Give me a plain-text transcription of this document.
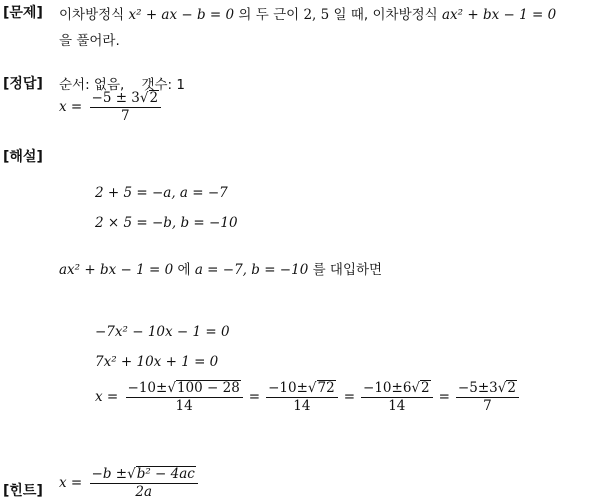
[문제] 이차방정식 x² + ax − b = 0 의 두 근이 2, 5 일 때, 이차방정식 ax² + bx − 1 = 0
을 풀어라.
[정답] 순서: 없음, 갯수: 1
$x = \frac{-5 \pm 3√2}{7}$
[해설]
2 + 5 = −a, a = −7
2 × 5 = −b, b = −10
ax² + bx − 1 = 0 에 a = −7, b = −10 를 대입하면
−7x² − 10x − 1 = 0
7x² + 10x + 1 = 0
$x = \frac{-10\pm√100 - 28}{14} = \frac{-10\pm√72}{14} = \frac{-10\pm 6√2}{14} = \frac{-5\pm 3√2}{7}$
[힌트] $x = \frac{\text{−b ±√b² − 4ac}}{2a}$
